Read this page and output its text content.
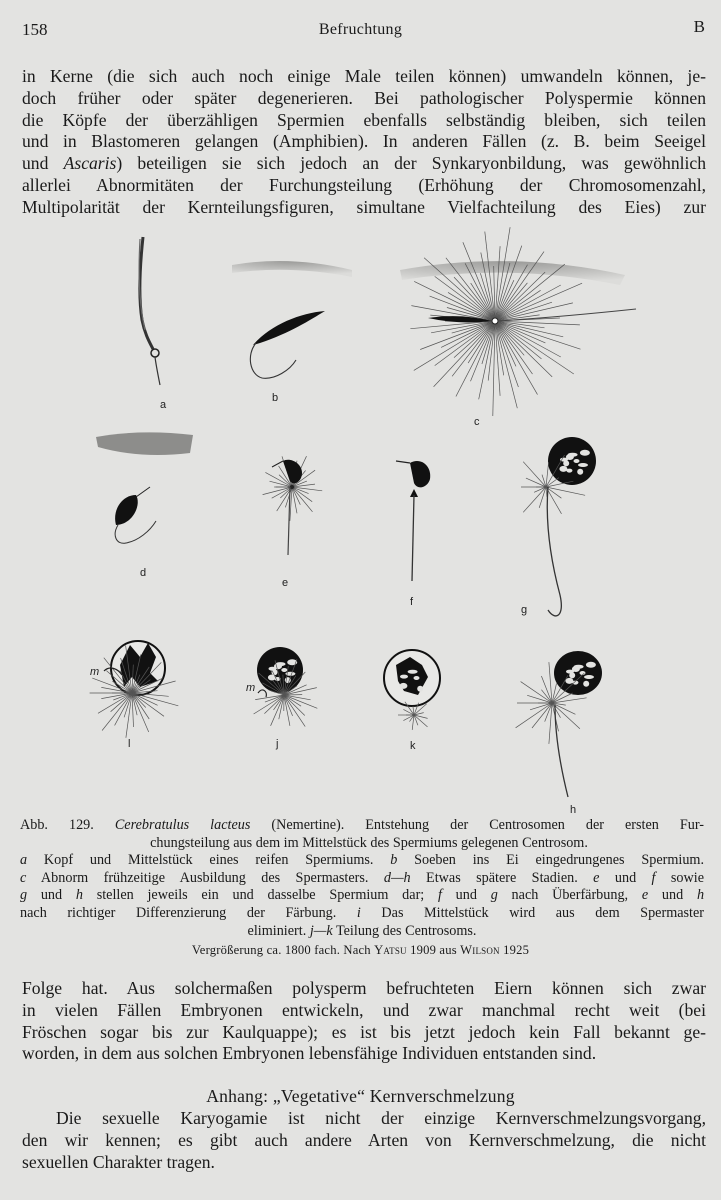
158	Befruchtung	B
in Kerne (die sich auch noch einige Male teilen können) umwandeln können, je-
doch früher oder später degenerieren. Bei pathologischer Polyspermie können
die Köpfe der überzähligen Spermien ebenfalls selbständig bleiben, sich teilen
und in Blastomeren gelangen (Amphibien). In anderen Fällen (z. B. beim Seeigel
und Ascaris) beteiligen sie sich jedoch an der Synkaryonbildung, was gewöhnlich
allerlei Abnormitäten der Furchungsteilung (Erhöhung der Chromosomenzahl,
Multipolarität der Kernteilungsfiguren, simultane Vielfachteilung des Eies) zur
a
b
c
d
e
f
g
l	j	k
h
m
m
Abb. 129. Cerebratulus lacteus (Nemertine). Entstehung der Centrosomen der ersten Fur-
chungsteilung aus dem im Mittelstück des Spermiums gelegenen Centrosom.
a Kopf und Mittelstück eines reifen Spermiums. b Soeben ins Ei eingedrungenes Spermium.
c Abnorm frühzeitige Ausbildung des Spermasters. d—h Etwas spätere Stadien. e und f sowie
g und h stellen jeweils ein und dasselbe Spermium dar; f und g nach Überfärbung, e und h
nach richtiger Differenzierung der Färbung. i Das Mittelstück wird aus dem Spermaster
eliminiert. j—k Teilung des Centrosoms.
Vergrößerung ca. 1800 fach. Nach Yatsu 1909 aus Wilson 1925
Folge hat. Aus solchermaßen polysperm befruchteten Eiern können sich zwar
in vielen Fällen Embryonen entwickeln, und zwar manchmal recht weit (bei
Fröschen sogar bis zur Kaulquappe); es ist bis jetzt jedoch kein Fall bekannt ge-
worden, in dem aus solchen Embryonen lebensfähige Individuen entstanden sind.
Anhang: „Vegetative“ Kernverschmelzung
Die sexuelle Karyogamie ist nicht der einzige Kernverschmelzungsvorgang,
den wir kennen; es gibt auch andere Arten von Kernverschmelzung, die nicht
sexuellen Charakter tragen.
